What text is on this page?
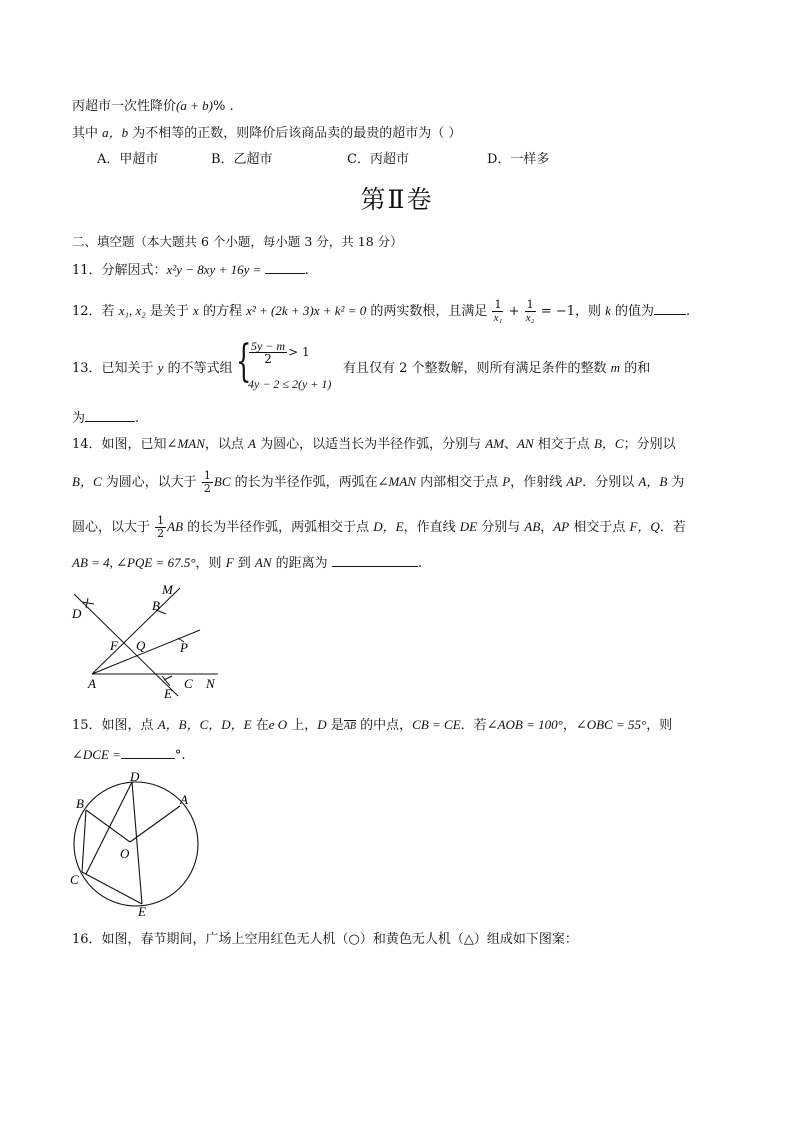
丙超市一次性降价(a + b)% .
其中 a，b 为不相等的正数，则降价后该商品卖的最贵的超市为（ ）
A．甲超市	B．乙超市	C．丙超市	D．一样多
第Ⅱ卷
二、填空题（本大题共 6 个小题，每小题 3 分，共 18 分）
11．分解因式：x²y − 8xy + 16y =	.
12．若 x₁, x₂ 是关于 x 的方程 x² + (2k + 3)x + k² = 0 的两实数根，且满足 $\frac{1}{\text{x₁}} + \frac{1}{\text{x₂}} = -1$，则 k 的值为 .
13．已知关于 y 的不等式组 {
$\frac{5y - m}{2} > 1$
4y − 2 ≤ 2(y + 1)
有且仅有 2 个整数解，则所有满足条件的整数 m 的和
为	.
14．如图，已知∠MAN，以点 A 为圆心，以适当长为半径作弧，分别与 AM、AN 相交于点 B，C；分别以
B，C 为圆心，以大于 $\frac{1}{2}$ BC 的长为半径作弧，两弧在∠MAN 内部相交于点 P，作射线 AP．分别以 A，B 为
圆心，以大于 $\frac{1}{2}$ AB 的长为半径作弧，两弧相交于点 D，E，作直线 DE 分别与 AB，AP 相交于点 F，Q．若
AB = 4, ∠PQE = 67.5°，则 F 到 AN 的距离为	.
M
D
B
F Q	P
A	C N
E
15．如图，点 A，B，C，D，E 在e O 上，D 是AB 的中点，CB = CE．若∠AOB = 100°，∠OBC = 55°，则
∠DCE =	°.
D
B	A
O
C
E
16．如图，春节期间，广场上空用红色无人机（○）和黄色无人机（△）组成如下图案：
